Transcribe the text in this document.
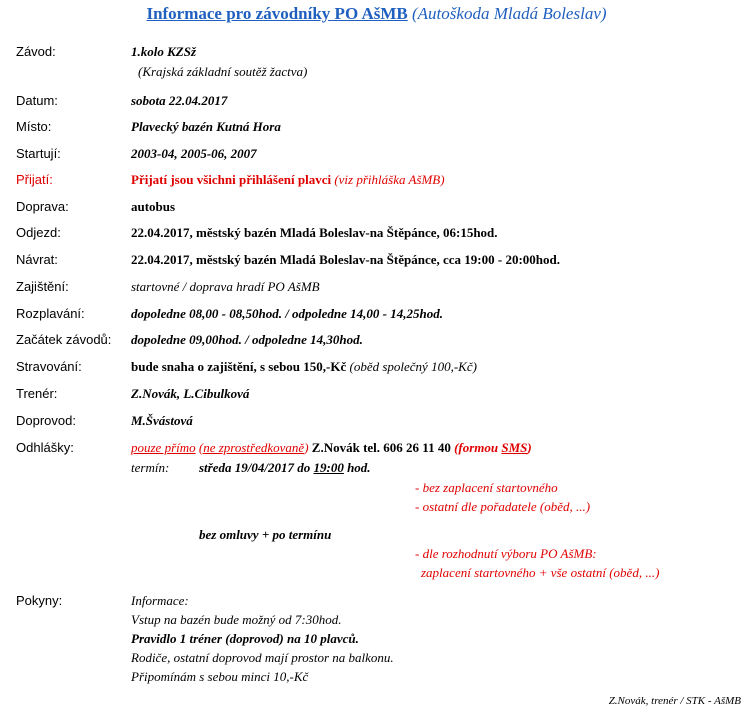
Informace pro závodníky PO AšMB (Autoškoda Mladá Boleslav)
Závod:	1.kolo KZSž
(Krajská základní soutěž žactva)
Datum:	sobota 22.04.2017
Místo:	Plavecký bazén Kutná Hora
Startují:	2003-04, 2005-06, 2007
Přijatí:	Přijatí jsou všichni přihlášení plavci (viz přihláška AšMB)
Doprava:	autobus
Odjezd:	22.04.2017, městský bazén Mladá Boleslav-na Štěpánce, 06:15hod.
Návrat:	22.04.2017, městský bazén Mladá Boleslav-na Štěpánce, cca 19:00 - 20:00hod.
Zajištění:	startovné / doprava hradí PO AšMB
Rozplavání:	dopoledne 08,00 - 08,50hod. / odpoledne 14,00 - 14,25hod.
Začátek závodů: dopoledne 09,00hod. / odpoledne 14,30hod.
Stravování:	bude snaha o zajištění, s sebou 150,-Kč (oběd společný 100,-Kč)
Trenér:	Z.Novák, L.Cibulková
Doprovod:	M.Švástová
Odhlášky:	pouze přímo (ne zprostředkovaně) Z.Novák tel. 606 26 11 40 (formou SMS)
termín: středa 19/04/2017 do 19:00 hod.
- bez zaplacení startovného
- ostatní dle pořadatele (oběd, ...)
bez omluvy + po termínu
- dle rozhodnutí výboru PO AšMB:
zaplacení startovného + vše ostatní (oběd, ...)
Pokyny:	Informace:
Vstup na bazén bude možný od 7:30hod.
Pravidlo 1 tréner (doprovod) na 10 plavců.
Rodiče, ostatní doprovod mají prostor na balkonu.
Připomínám s sebou minci 10,-Kč
Z.Novák, trenér / STK - AšMB
